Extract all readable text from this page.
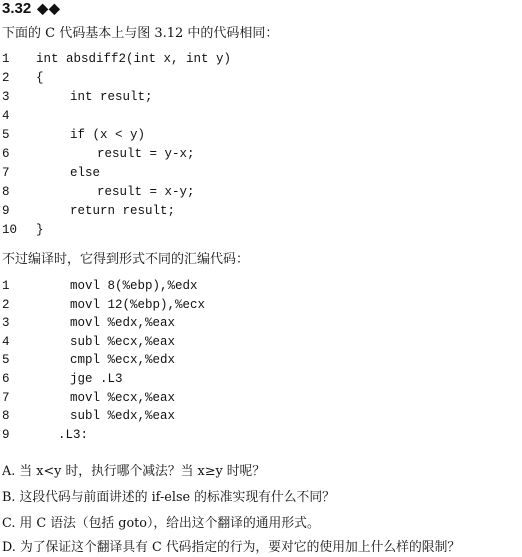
3.32 ◆◆
下面的 C 代码基本上与图 3.12 中的代码相同：
1	int absdiff2(int x, int y)
2	{
3	int result;
4
5	if (x < y)
6	result = y-x;
7	else
8	result = x-y;
9	return result;
10	}
不过编译时，它得到形式不同的汇编代码：
1	movl 8(%ebp),%edx
2	movl 12(%ebp),%ecx
3	movl %edx,%eax
4	subl %ecx,%eax
5	cmpl %ecx,%edx
6	jge .L3
7	movl %ecx,%eax
8	subl %edx,%eax
9	.L3:
A. 当 x<y 时，执行哪个减法？当 x≥y 时呢？
B. 这段代码与前面讲述的 if-else 的标准实现有什么不同？
C. 用 C 语法（包括 goto），给出这个翻译的通用形式。
D. 为了保证这个翻译具有 C 代码指定的行为，要对它的使用加上什么样的限制？
